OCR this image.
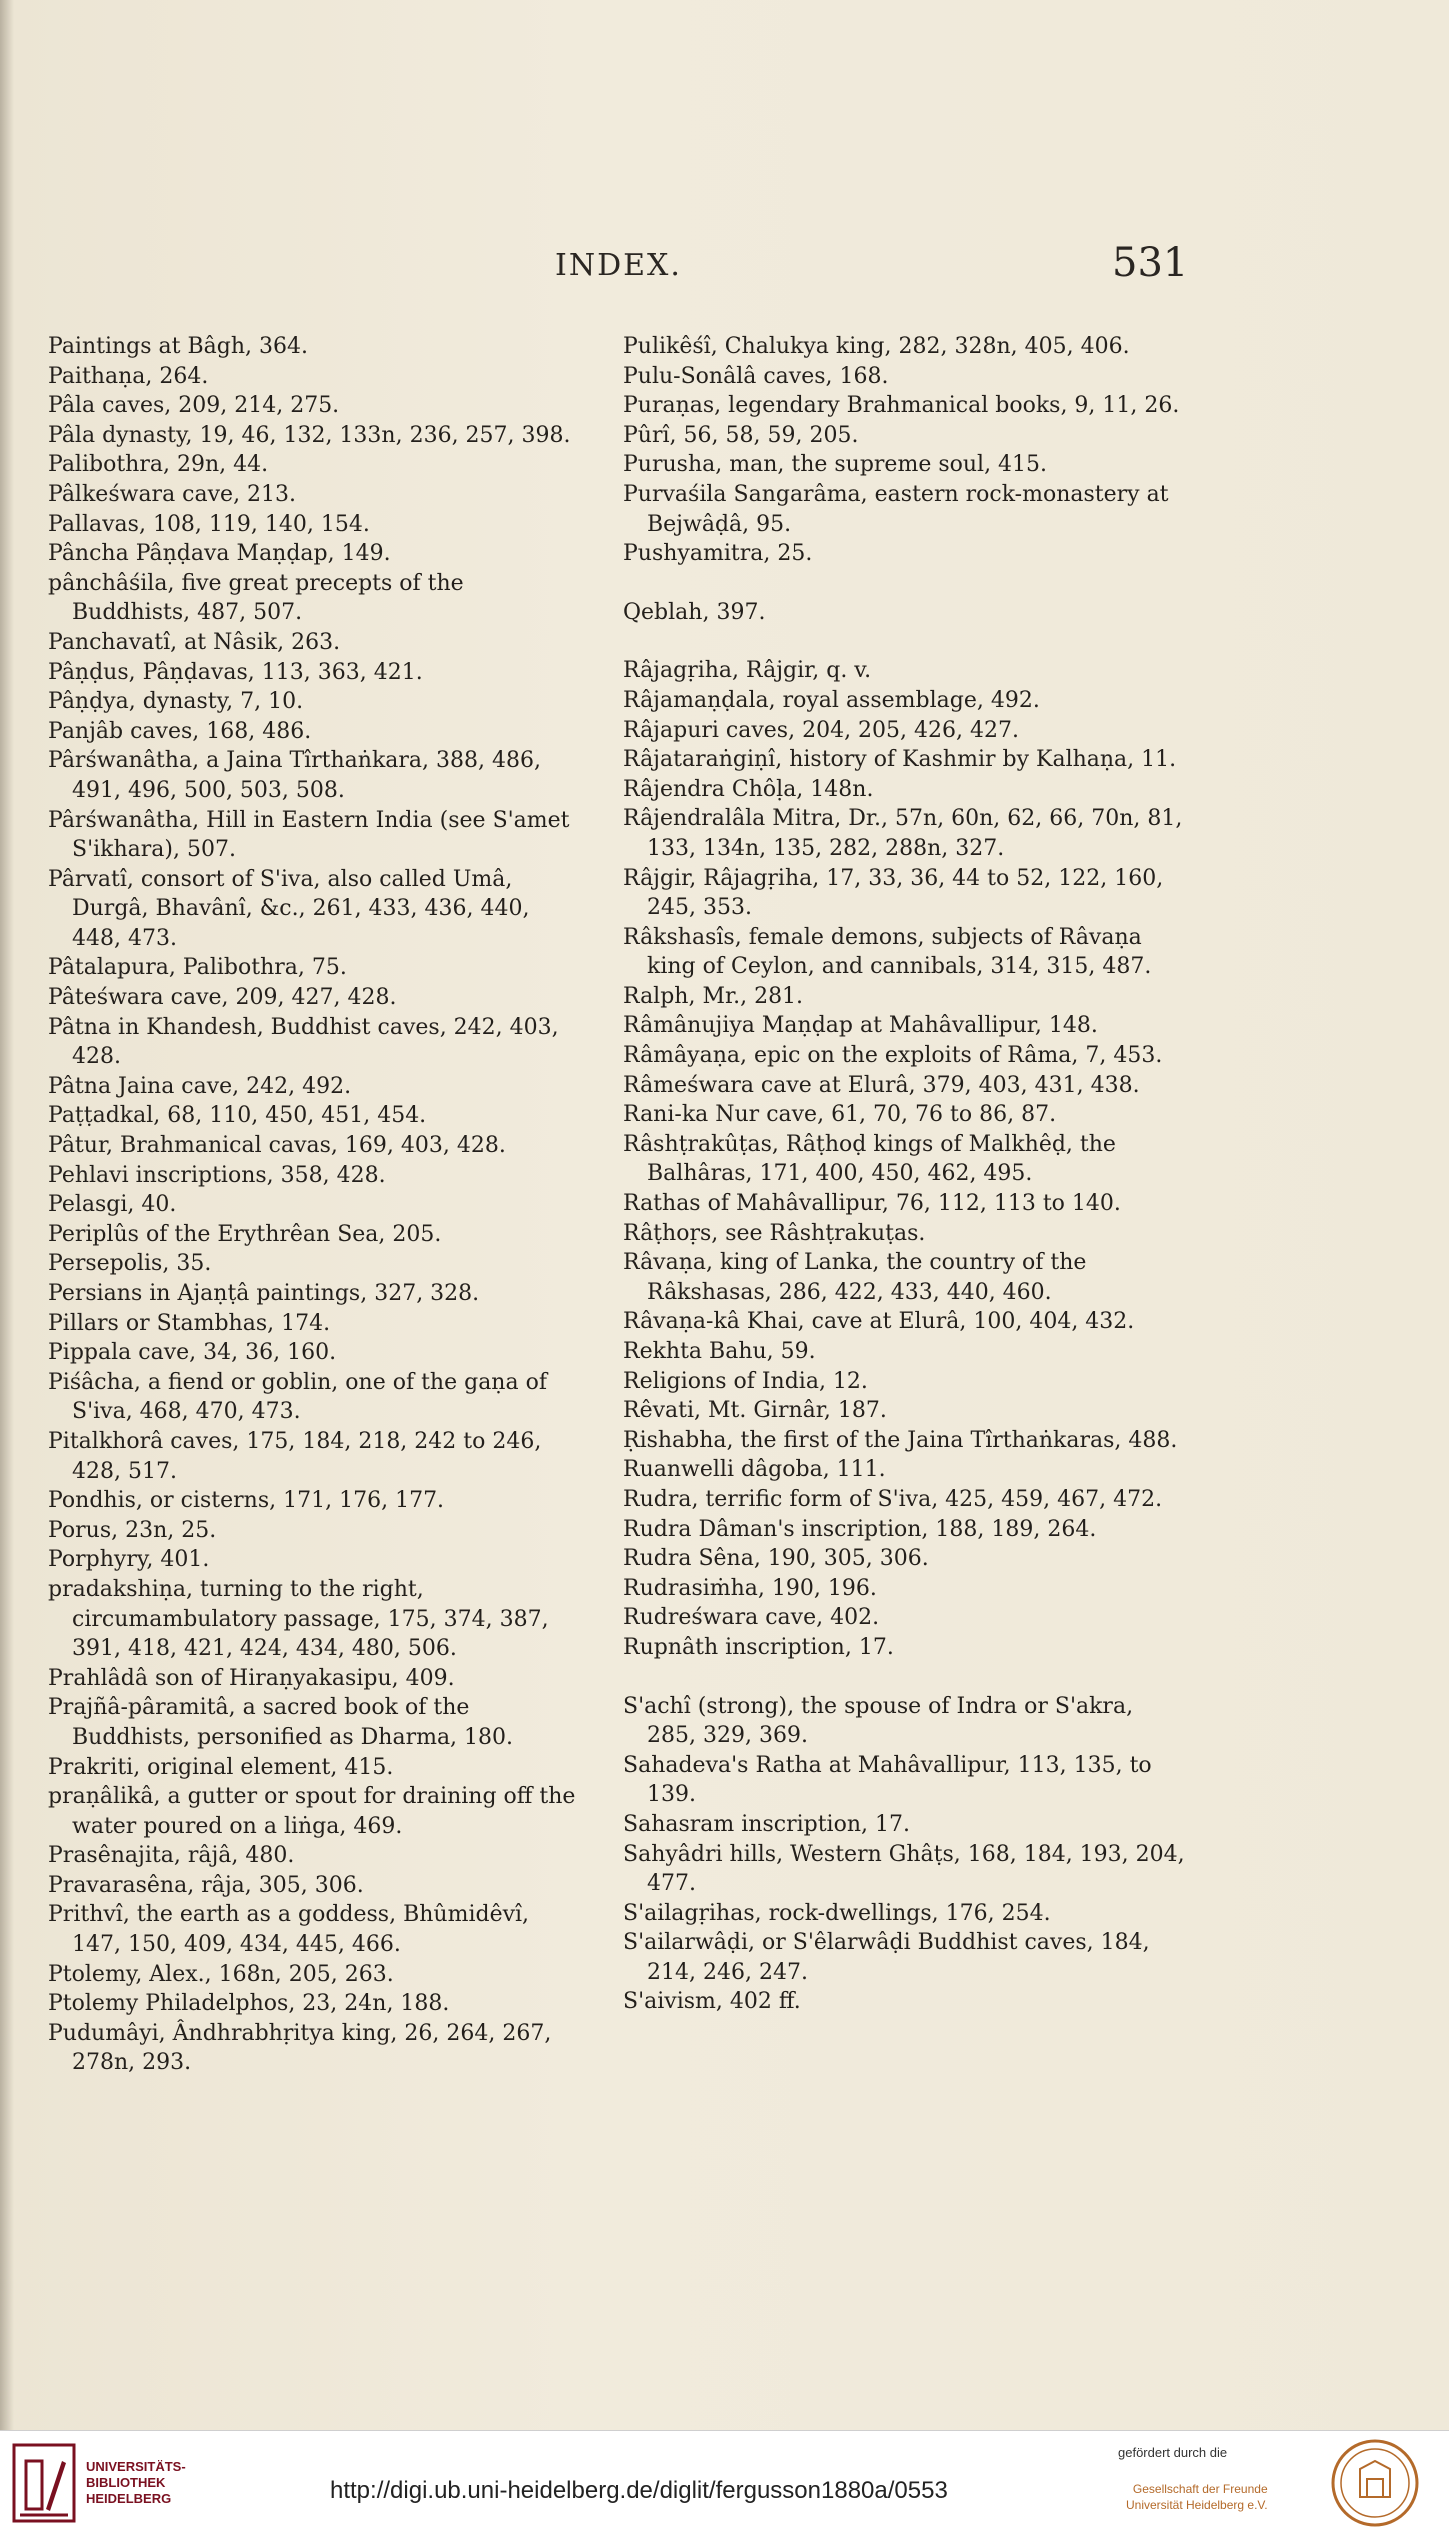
INDEX.	531
Paintings at Bâgh, 364.
Paithaṇa, 264.
Pâla caves, 209, 214, 275.
Pâla dynasty, 19, 46, 132, 133n, 236, 257, 398.
Palibothra, 29n, 44.
Pâlkeśwara cave, 213.
Pallavas, 108, 119, 140, 154.
Pâncha Pâṇḍava Maṇḍap, 149.
pânchâśila, five great precepts of the Buddhists, 487, 507.
Panchavatî, at Nâsik, 263.
Pâṇḍus, Pâṇḍavas, 113, 363, 421.
Pâṇḍya, dynasty, 7, 10.
Panjâb caves, 168, 486.
Pârśwanâtha, a Jaina Tîrthaṅkara, 388, 486, 491, 496, 500, 503, 508.
Pârśwanâtha, Hill in Eastern India (see S'amet S'ikhara), 507.
Pârvatî, consort of S'iva, also called Umâ, Durgâ, Bhavânî, &c., 261, 433, 436, 440, 448, 473.
Pâtalapura, Palibothra, 75.
Pâteśwara cave, 209, 427, 428.
Pâtna in Khandesh, Buddhist caves, 242, 403, 428.
Pâtna Jaina cave, 242, 492.
Paṭṭadkal, 68, 110, 450, 451, 454.
Pâtur, Brahmanical cavas, 169, 403, 428.
Pehlavi inscriptions, 358, 428.
Pelasgi, 40.
Periplûs of the Erythrêan Sea, 205.
Persepolis, 35.
Persians in Ajaṇṭâ paintings, 327, 328.
Pillars or Stambhas, 174.
Pippala cave, 34, 36, 160.
Piśâcha, a fiend or goblin, one of the gaṇa of S'iva, 468, 470, 473.
Pitalkhorâ caves, 175, 184, 218, 242 to 246, 428, 517.
Pondhis, or cisterns, 171, 176, 177.
Porus, 23n, 25.
Porphyry, 401.
pradakshiṇa, turning to the right, circumambulatory passage, 175, 374, 387, 391, 418, 421, 424, 434, 480, 506.
Prahlâdâ son of Hiraṇyakasipu, 409.
Prajñâ-pâramitâ, a sacred book of the Buddhists, personified as Dharma, 180.
Prakriti, original element, 415.
praṇâlikâ, a gutter or spout for draining off the water poured on a liṅga, 469.
Prasênajita, râjâ, 480.
Pravarasêna, râja, 305, 306.
Prithvî, the earth as a goddess, Bhûmidêvî, 147, 150, 409, 434, 445, 466.
Ptolemy, Alex., 168n, 205, 263.
Ptolemy Philadelphos, 23, 24n, 188.
Pudumâyi, Ândhrabhṛitya king, 26, 264, 267, 278n, 293.
Pulikêśî, Chalukya king, 282, 328n, 405, 406.
Pulu-Sonâlâ caves, 168.
Puraṇas, legendary Brahmanical books, 9, 11, 26.
Pûrî, 56, 58, 59, 205.
Purusha, man, the supreme soul, 415.
Purvaśila Sangarâma, eastern rock-monastery at Bejwâḍâ, 95.
Pushyamitra, 25.
Qeblah, 397.
Râjagṛiha, Râjgir, q. v.
Râjamaṇḍala, royal assemblage, 492.
Râjapuri caves, 204, 205, 426, 427.
Râjataraṅgiṇî, history of Kashmir by Kalhaṇa, 11.
Râjendra Chôḷa, 148n.
Râjendralâla Mitra, Dr., 57n, 60n, 62, 66, 70n, 81, 133, 134n, 135, 282, 288n, 327.
Râjgir, Râjagṛiha, 17, 33, 36, 44 to 52, 122, 160, 245, 353.
Râkshasîs, female demons, subjects of Râvaṇa king of Ceylon, and cannibals, 314, 315, 487.
Ralph, Mr., 281.
Râmânujiya Maṇḍap at Mahâvallipur, 148.
Râmâyaṇa, epic on the exploits of Râma, 7, 453.
Râmeśwara cave at Elurâ, 379, 403, 431, 438.
Rani-ka Nur cave, 61, 70, 76 to 86, 87.
Râshṭrakûṭas, Râṭhoḍ kings of Malkhêḍ, the Balhâras, 171, 400, 450, 462, 495.
Rathas of Mahâvallipur, 76, 112, 113 to 140.
Râṭhoṛs, see Râshṭrakuṭas.
Râvaṇa, king of Lanka, the country of the Râkshasas, 286, 422, 433, 440, 460.
Râvaṇa-kâ Khai, cave at Elurâ, 100, 404, 432.
Rekhta Bahu, 59.
Religions of India, 12.
Rêvati, Mt. Girnâr, 187.
Ṛishabha, the first of the Jaina Tîrthaṅkaras, 488.
Ruanwelli dâgoba, 111.
Rudra, terrific form of S'iva, 425, 459, 467, 472.
Rudra Dâman's inscription, 188, 189, 264.
Rudra Sêna, 190, 305, 306.
Rudrasiṁha, 190, 196.
Rudreśwara cave, 402.
Rupnâth inscription, 17.
S'achî (strong), the spouse of Indra or S'akra, 285, 329, 369.
Sahadeva's Ratha at Mahâvallipur, 113, 135, to 139.
Sahasram inscription, 17.
Sahyâdri hills, Western Ghâṭs, 168, 184, 193, 204, 477.
S'ailagṛihas, rock-dwellings, 176, 254.
S'ailarwâḍi, or S'êlarwâḍi Buddhist caves, 184, 214, 246, 247.
S'aivism, 402 ff.
UNIVERSITÄTS-
BIBLIOTHEK
HEIDELBERG	http://digi.ub.uni-heidelberg.de/diglit/fergusson1880a/0553
gefördert durch die
Gesellschaft der Freunde
Universität Heidelberg e.V.
